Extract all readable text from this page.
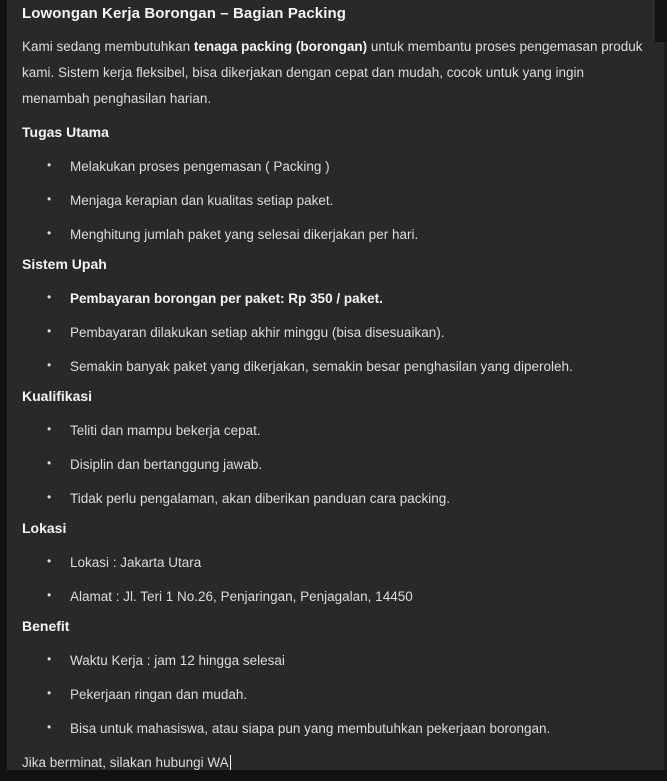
Lowongan Kerja Borongan – Bagian Packing

Kami sedang membutuhkan tenaga packing (borongan) untuk membantu proses pengemasan produk kami. Sistem kerja fleksibel, bisa dikerjakan dengan cepat dan mudah, cocok untuk yang ingin menambah penghasilan harian.

Tugas Utama
• Melakukan proses pengemasan ( Packing )
• Menjaga kerapian dan kualitas setiap paket.
• Menghitung jumlah paket yang selesai dikerjakan per hari.
Sistem Upah
• Pembayaran borongan per paket: Rp 350 / paket.
• Pembayaran dilakukan setiap akhir minggu (bisa disesuaikan).
• Semakin banyak paket yang dikerjakan, semakin besar penghasilan yang diperoleh.
Kualifikasi
• Teliti dan mampu bekerja cepat.
• Disiplin dan bertanggung jawab.
• Tidak perlu pengalaman, akan diberikan panduan cara packing.
Lokasi
• Lokasi : Jakarta Utara
• Alamat : Jl. Teri 1 No.26, Penjaringan, Penjagalan, 14450
Benefit
• Waktu Kerja : jam 12 hingga selesai
• Pekerjaan ringan dan mudah.
• Bisa untuk mahasiswa, atau siapa pun yang membutuhkan pekerjaan borongan.

Jika berminat, silakan hubungi WA
